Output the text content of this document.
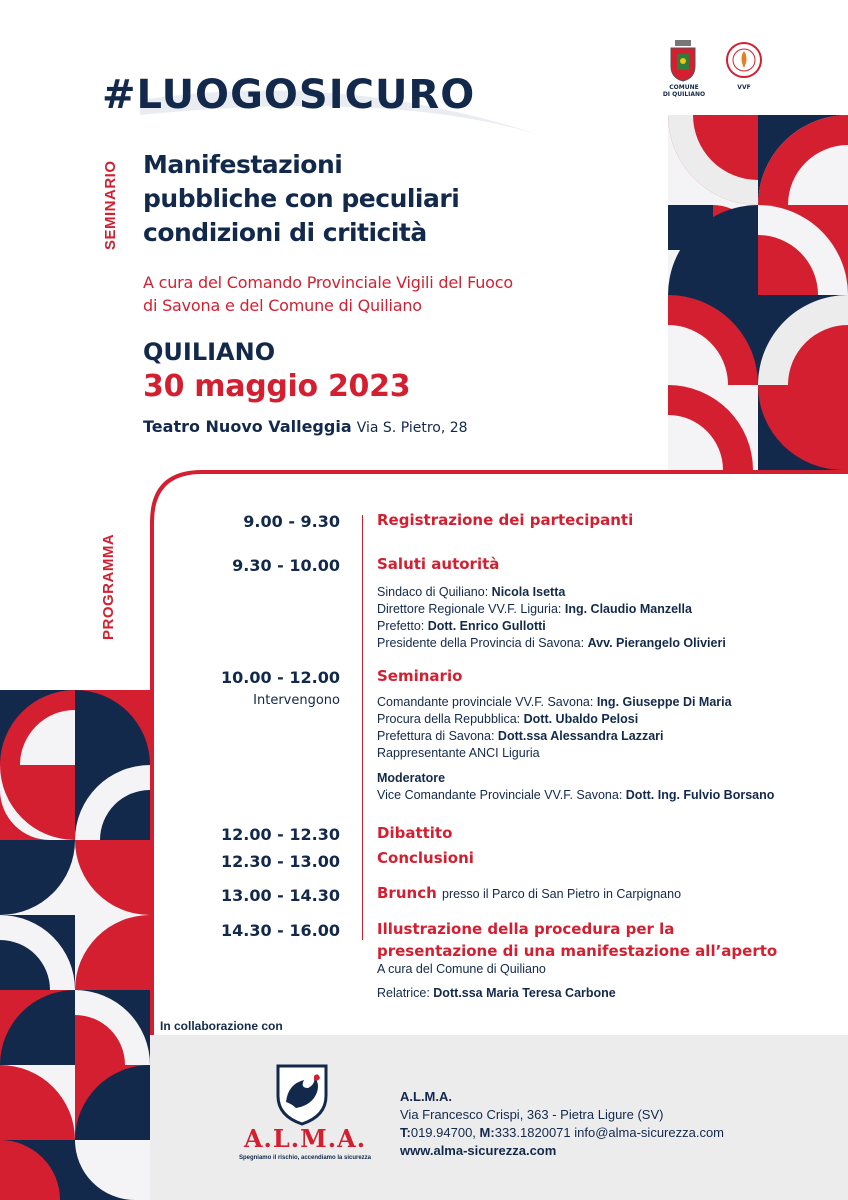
#LUOGOSICURO	COMUNE
DI QUILIANO
VVF
SEMINARIO Manifestazioni
pubbliche con peculiari
condizioni di criticità
A cura del Comando Provinciale Vigili del Fuoco
di Savona e del Comune di Quiliano
QUILIANO
30 maggio 2023
Teatro Nuovo Valleggia Via S. Pietro, 28
PROGRAMMA
9.00 - 9.30 Registrazione dei partecipanti
9.30 - 10.00 Saluti autorità
Sindaco di Quiliano: Nicola Isetta
Direttore Regionale VV.F. Liguria: Ing. Claudio Manzella
Prefetto: Dott. Enrico Gullotti
Presidente della Provincia di Savona: Avv. Pierangelo Olivieri
10.00 - 12.00
Intervengono
Seminario
Comandante provinciale VV.F. Savona: Ing. Giuseppe Di Maria
Procura della Repubblica: Dott. Ubaldo Pelosi
Prefettura di Savona: Dott.ssa Alessandra Lazzari
Rappresentante ANCI Liguria
Moderatore
Vice Comandante Provinciale VV.F. Savona: Dott. Ing. Fulvio Borsano
12.00 - 12.30 Dibattito
12.30 - 13.00 Conclusioni
13.00 - 14.30 Brunch presso il Parco di San Pietro in Carpignano
14.30 - 16.00 Illustrazione della procedura per la
presentazione di una manifestazione all’aperto
A cura del Comune di Quiliano
Relatrice: Dott.ssa Maria Teresa Carbone
In collaborazione con
A.L.M.A.
Spegniamo il rischio, accendiamo la sicurezza
A.L.M.A.
Via Francesco Crispi, 363 - Pietra Ligure (SV)
T:019.94700, M:333.1820071 info@alma-sicurezza.com
www.alma-sicurezza.com
